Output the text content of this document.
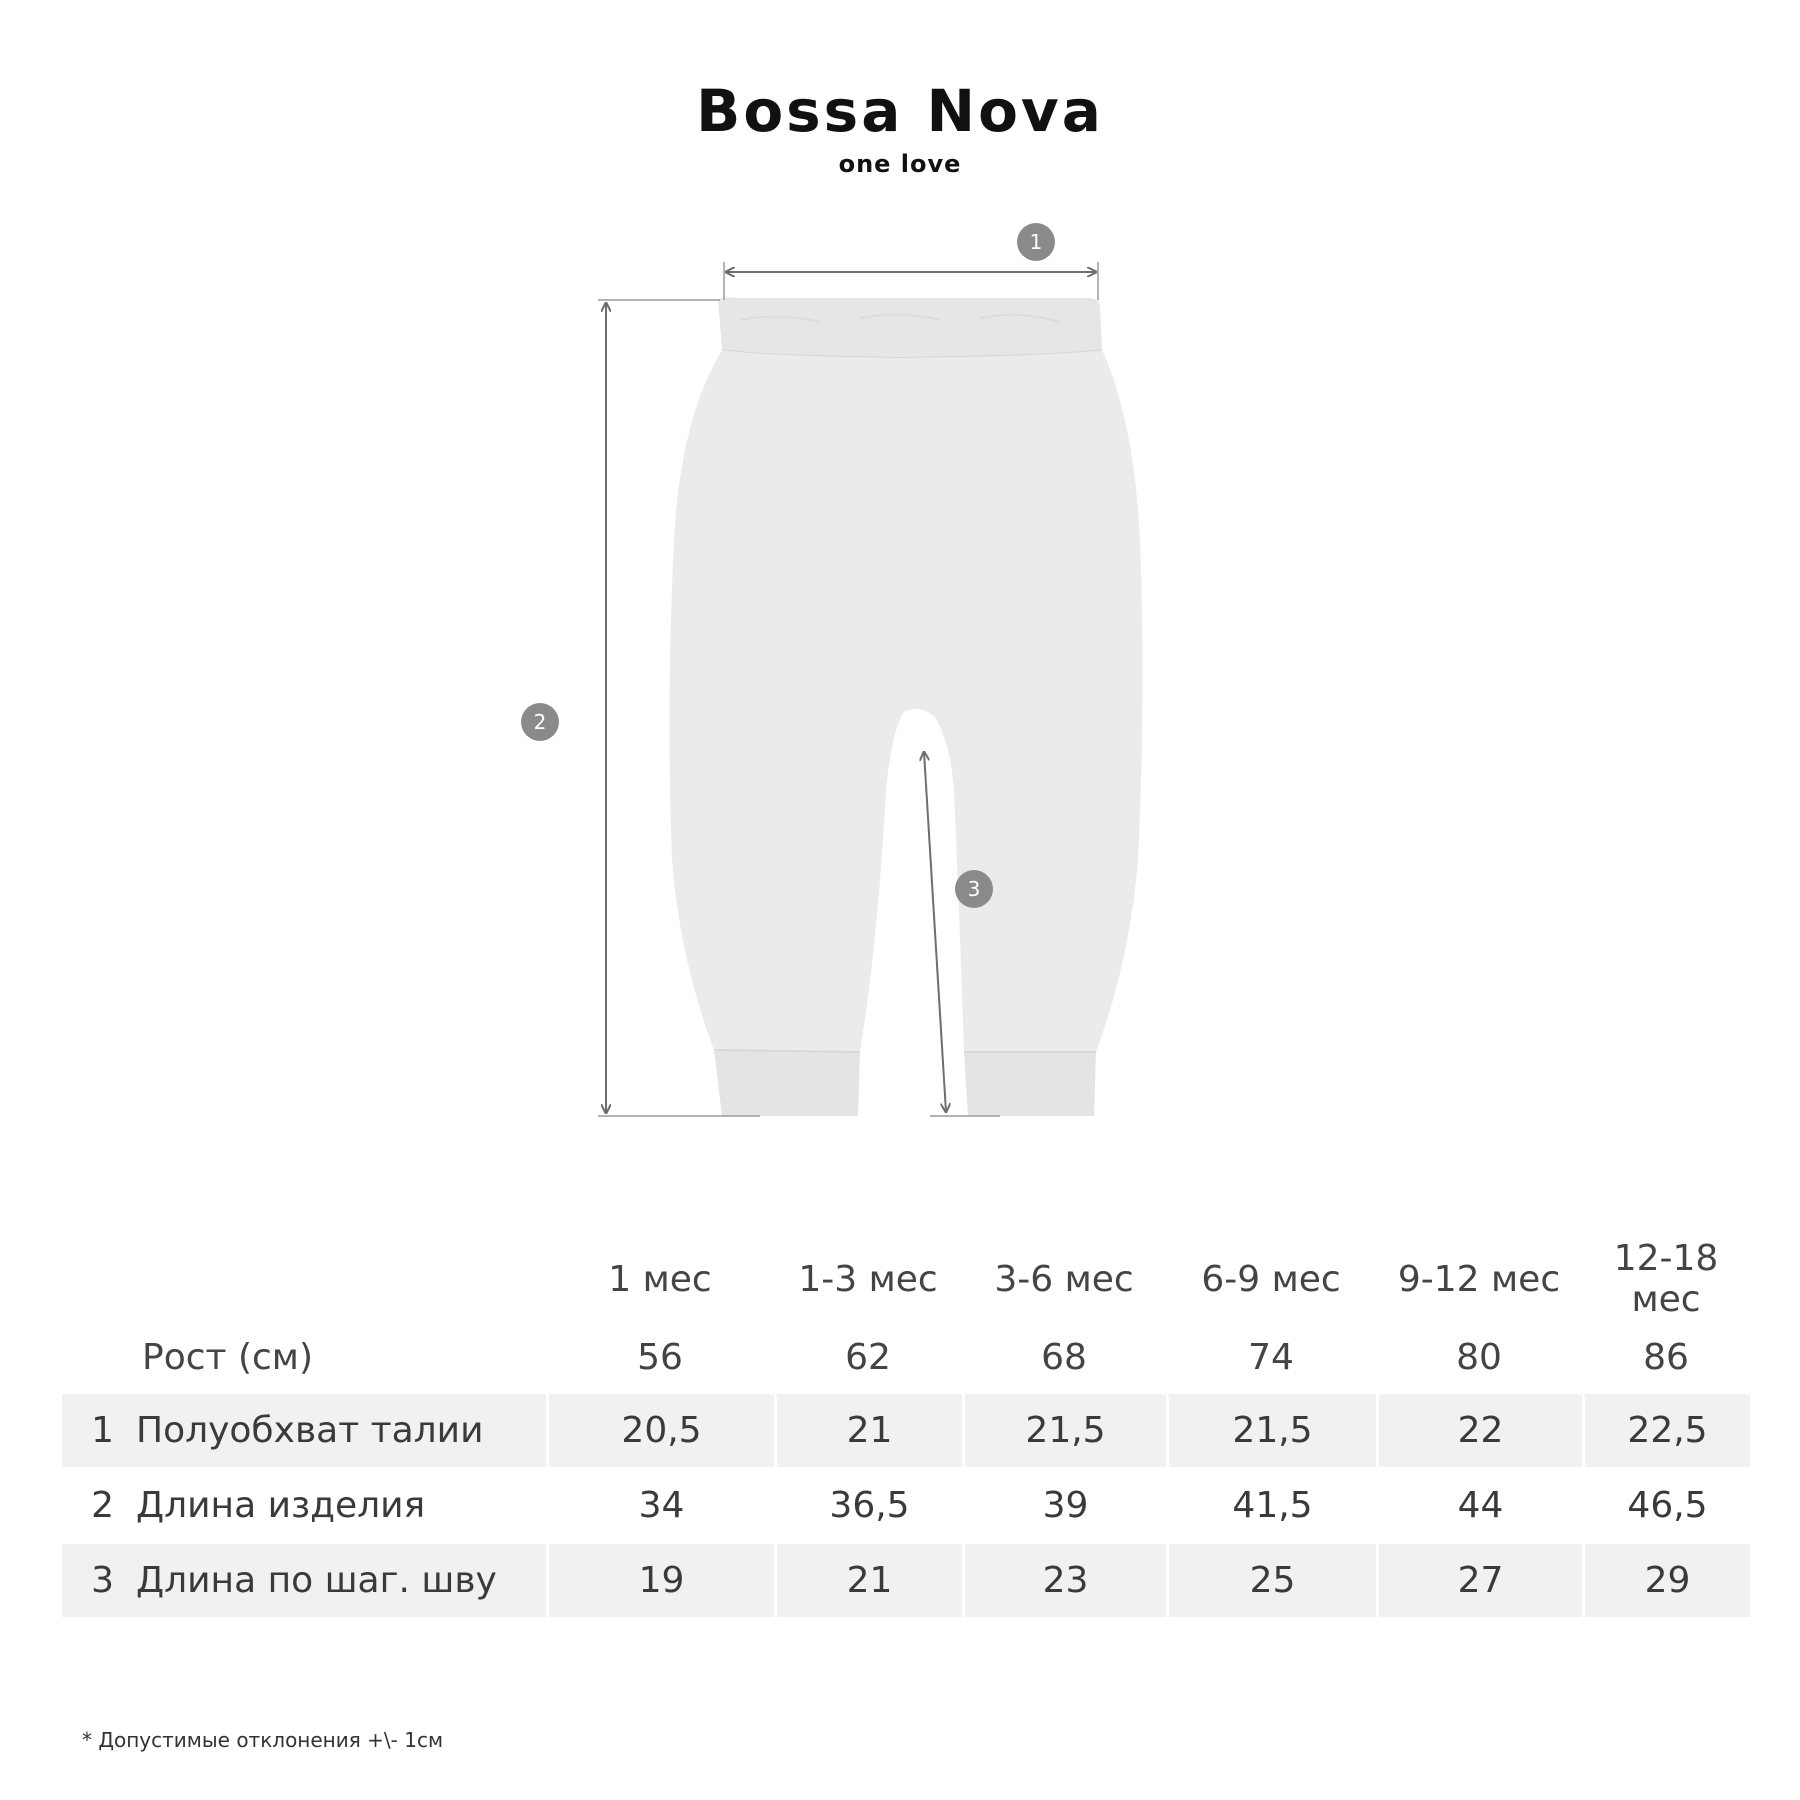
Bossa Nova
one love
1
2
3
	1 мес	1-3 мес	3-6 мес	6-9 мес	9-12 мес	12-18 мес
Рост (см)	56	62	68	74	80	86
1 Полуобхват талии	20,5	21	21,5	21,5	22	22,5
2 Длина изделия	34	36,5	39	41,5	44	46,5
3 Длина по шаг. шву	19	21	23	25	27	29
* Допустимые отклонения +\- 1см
